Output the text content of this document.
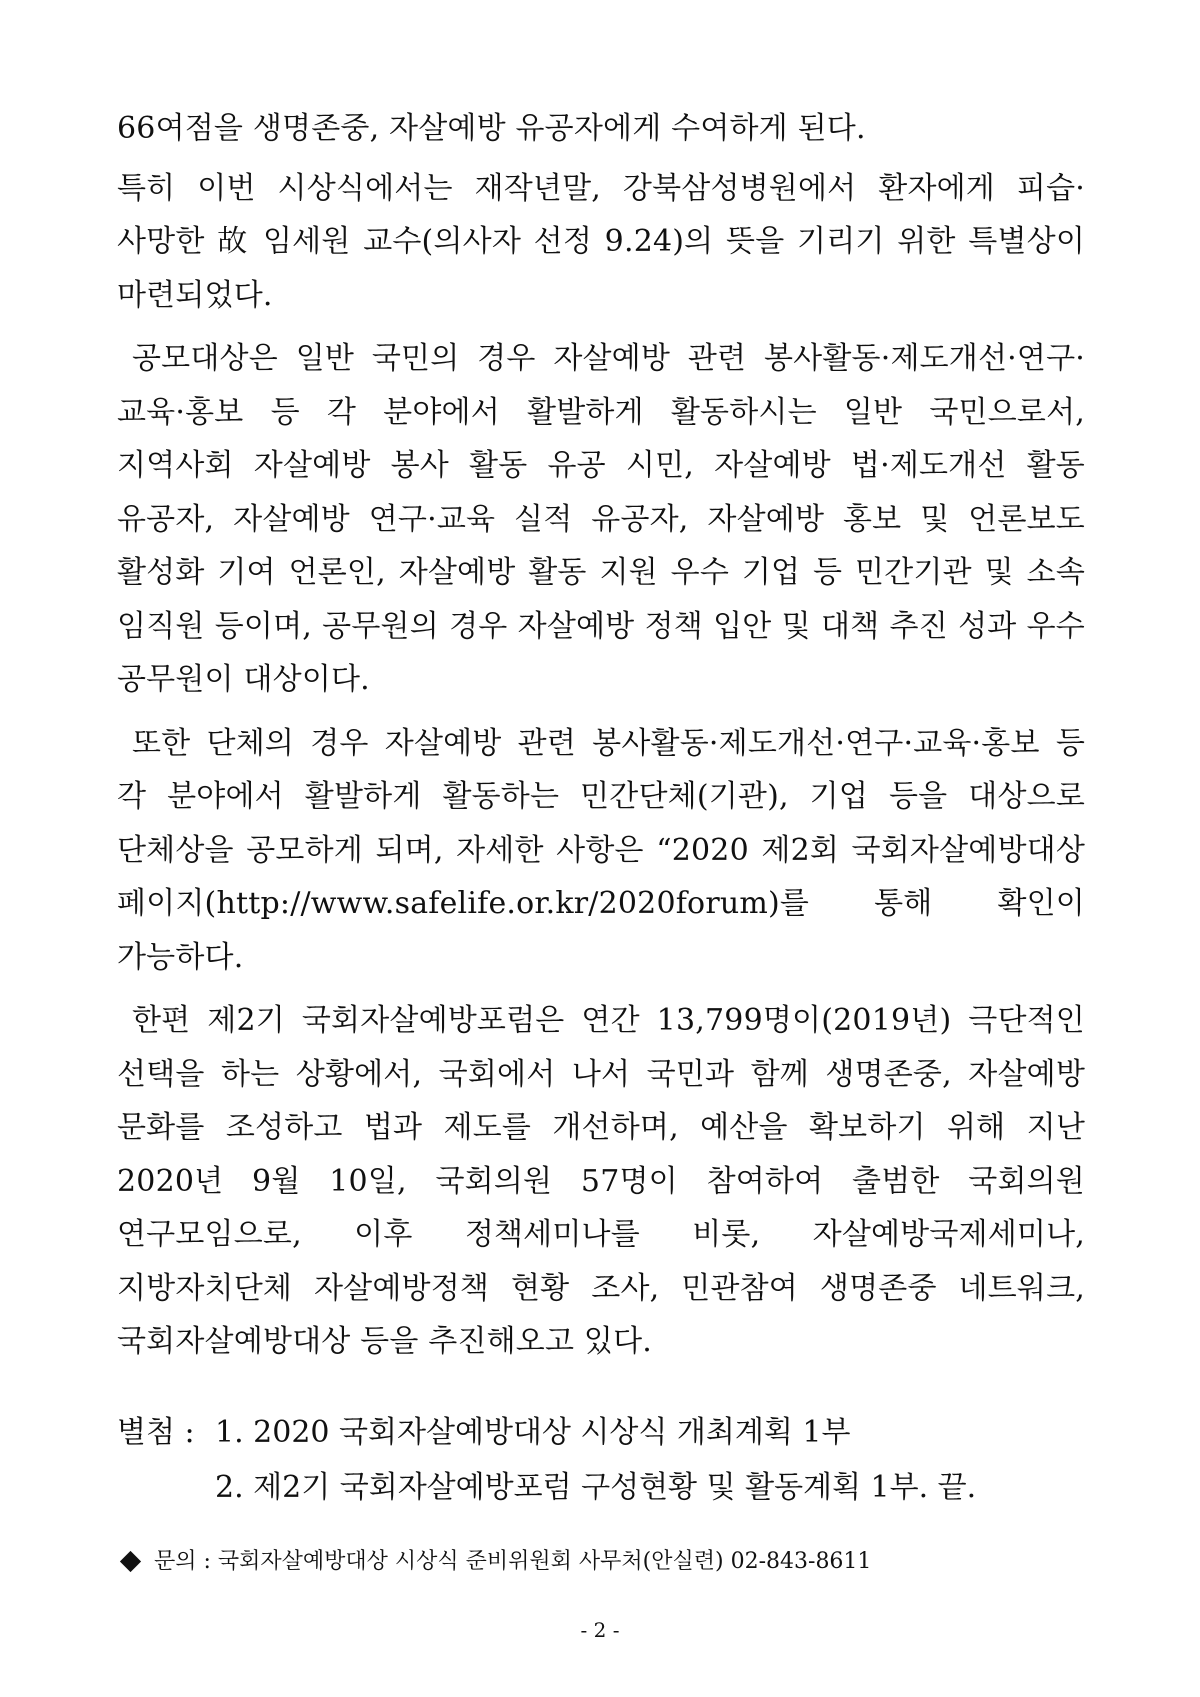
66여점을 생명존중, 자살예방 유공자에게 수여하게 된다.

특히 이번 시상식에서는 재작년말, 강북삼성병원에서 환자에게 피습·사망한 故 임세원 교수(의사자 선정 9.24)의 뜻을 기리기 위한 특별상이 마련되었다.

공모대상은 일반 국민의 경우 자살예방 관련 봉사활동·제도개선·연구·교육·홍보 등 각 분야에서 활발하게 활동하시는 일반 국민으로서, 지역사회 자살예방 봉사 활동 유공 시민, 자살예방 법·제도개선 활동 유공자, 자살예방 연구·교육 실적 유공자, 자살예방 홍보 및 언론보도 활성화 기여 언론인, 자살예방 활동 지원 우수 기업 등 민간기관 및 소속 임직원 등이며, 공무원의 경우 자살예방 정책 입안 및 대책 추진 성과 우수 공무원이 대상이다.

또한 단체의 경우 자살예방 관련 봉사활동·제도개선·연구·교육·홍보 등 각 분야에서 활발하게 활동하는 민간단체(기관), 기업 등을 대상으로 단체상을 공모하게 되며, 자세한 사항은 “2020 제2회 국회자살예방대상 페이지(http://www.safelife.or.kr/2020forum)를 통해 확인이 가능하다.

한편 제2기 국회자살예방포럼은 연간 13,799명이(2019년) 극단적인 선택을 하는 상황에서, 국회에서 나서 국민과 함께 생명존중, 자살예방 문화를 조성하고 법과 제도를 개선하며, 예산을 확보하기 위해 지난 2020년 9월 10일, 국회의원 57명이 참여하여 출범한 국회의원 연구모임으로, 이후 정책세미나를 비롯, 자살예방국제세미나, 지방자치단체 자살예방정책 현황 조사, 민관참여 생명존중 네트워크, 국회자살예방대상 등을 추진해오고 있다.

별첨 : 1. 2020 국회자살예방대상 시상식 개최계획 1부
2. 제2기 국회자살예방포럼 구성현황 및 활동계획 1부. 끝.
문의 : 국회자살예방대상 시상식 준비위원회 사무처(안실련) 02-843-8611
- 2 -
